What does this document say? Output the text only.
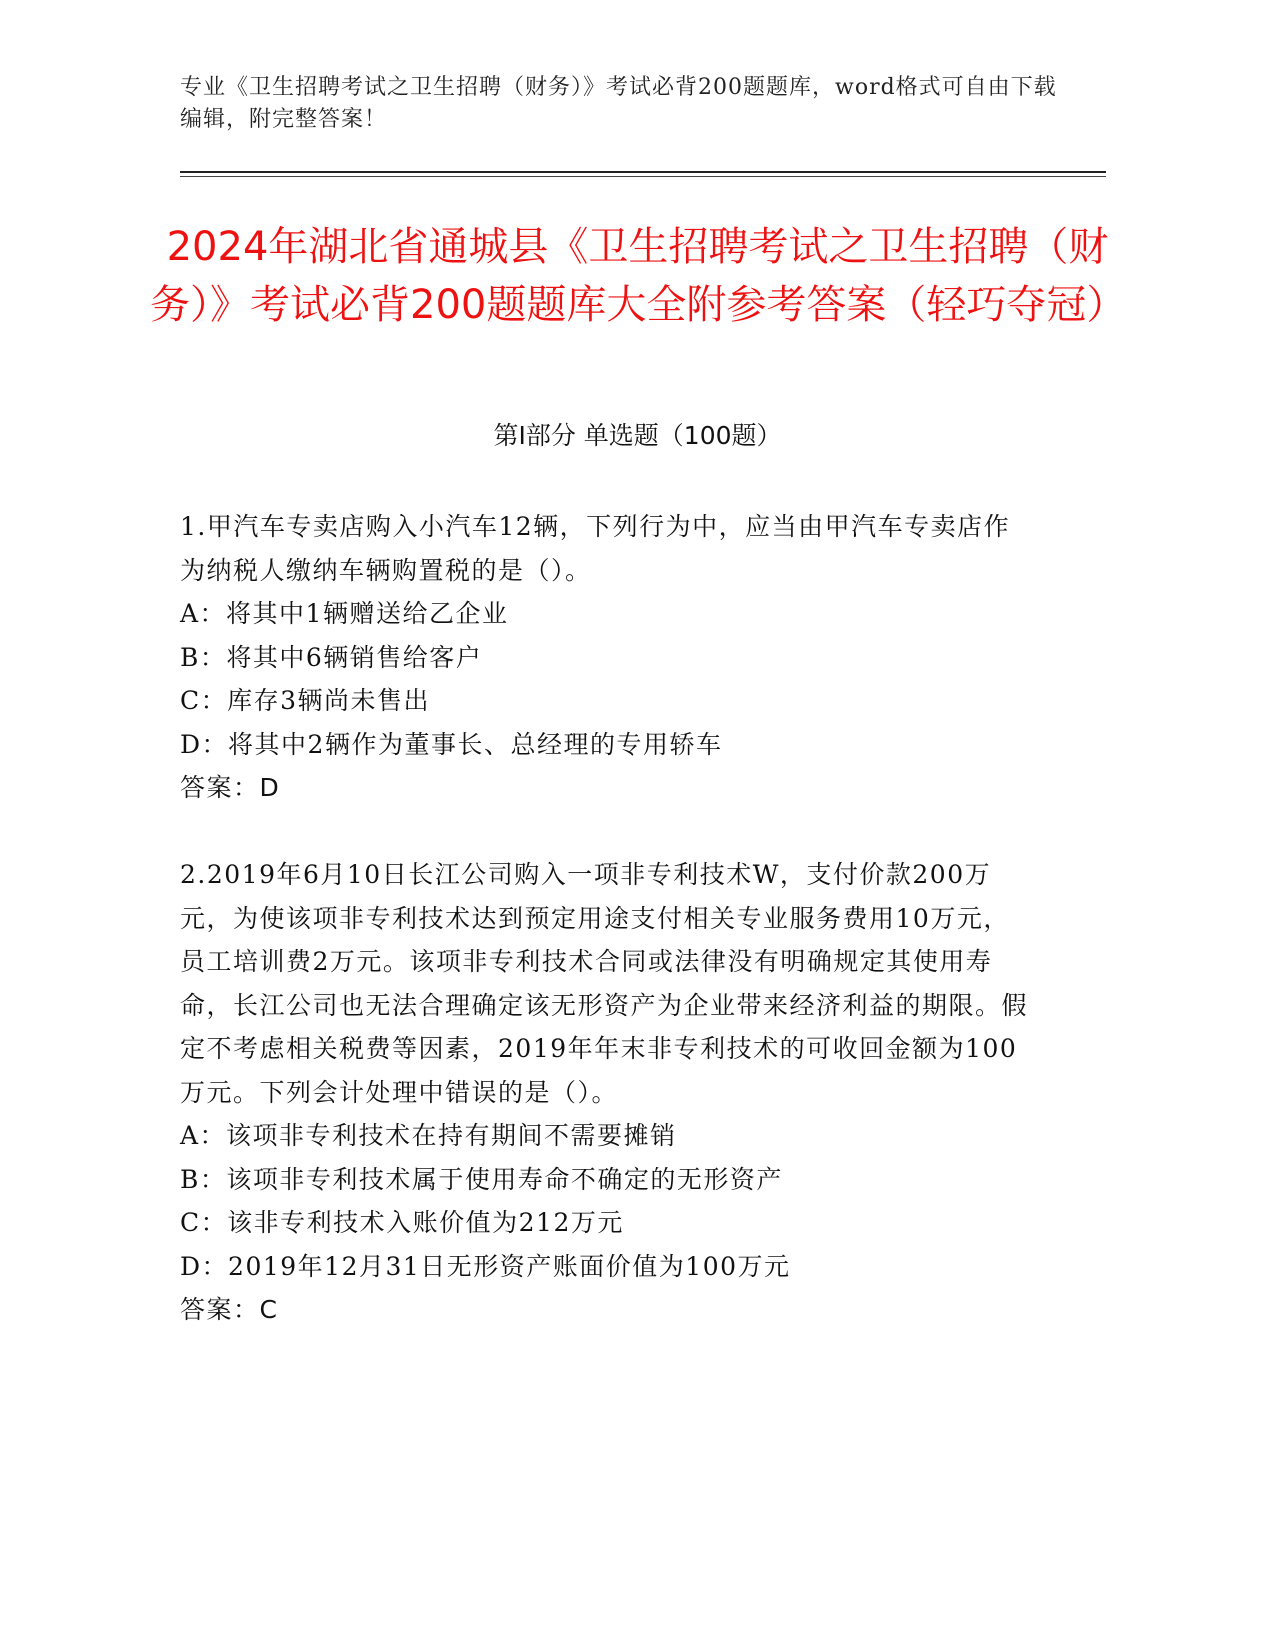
专业《卫生招聘考试之卫生招聘（财务）》考试必背200题题库，word格式可自由下载编辑，附完整答案！
2024年湖北省通城县《卫生招聘考试之卫生招聘（财务）》考试必背200题题库大全附参考答案（轻巧夺冠）
第I部分 单选题（100题）

1.甲汽车专卖店购入小汽车12辆，下列行为中，应当由甲汽车专卖店作为纳税人缴纳车辆购置税的是（）。

A：将其中1辆赠送给乙企业

B：将其中6辆销售给客户

C：库存3辆尚未售出

D：将其中2辆作为董事长、总经理的专用轿车

答案：D

2.2019年6月10日长江公司购入一项非专利技术W，支付价款200万元，为使该项非专利技术达到预定用途支付相关专业服务费用10万元，员工培训费2万元。该项非专利技术合同或法律没有明确规定其使用寿命，长江公司也无法合理确定该无形资产为企业带来经济利益的期限。假定不考虑相关税费等因素，2019年年末非专利技术的可收回金额为100万元。下列会计处理中错误的是（）。

A：该项非专利技术在持有期间不需要摊销

B：该项非专利技术属于使用寿命不确定的无形资产

C：该非专利技术入账价值为212万元

D：2019年12月31日无形资产账面价值为100万元

答案：C
